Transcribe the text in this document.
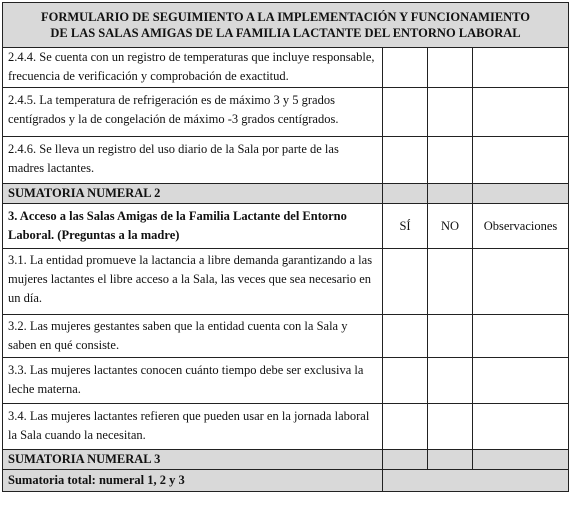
FORMULARIO DE SEGUIMIENTO A LA IMPLEMENTACIÓN Y FUNCIONAMIENTO
DE LAS SALAS AMIGAS DE LA FAMILIA LACTANTE DEL ENTORNO LABORAL			
2.4.4. Se cuenta con un registro de temperaturas que incluye responsable, frecuencia de verificación y comprobación de exactitud.			
2.4.5. La temperatura de refrigeración es de máximo 3 y 5 grados centígrados y la de congelación de máximo -3 grados centígrados.			
2.4.6. Se lleva un registro del uso diario de la Sala por parte de las madres lactantes.			
SUMATORIA NUMERAL 2			
3. Acceso a las Salas Amigas de la Familia Lactante del Entorno Laboral. (Preguntas a la madre)	SÍ	NO	Observaciones
3.1. La entidad promueve la lactancia a libre demanda garantizando a las mujeres lactantes el libre acceso a la Sala, las veces que sea necesario en un día.			
3.2. Las mujeres gestantes saben que la entidad cuenta con la Sala y saben en qué consiste.			
3.3. Las mujeres lactantes conocen cuánto tiempo debe ser exclusiva la leche materna.			
3.4. Las mujeres lactantes refieren que pueden usar en la jornada laboral la Sala cuando la necesitan.			
SUMATORIA NUMERAL 3			
Sumatoria total: numeral 1, 2 y 3			
